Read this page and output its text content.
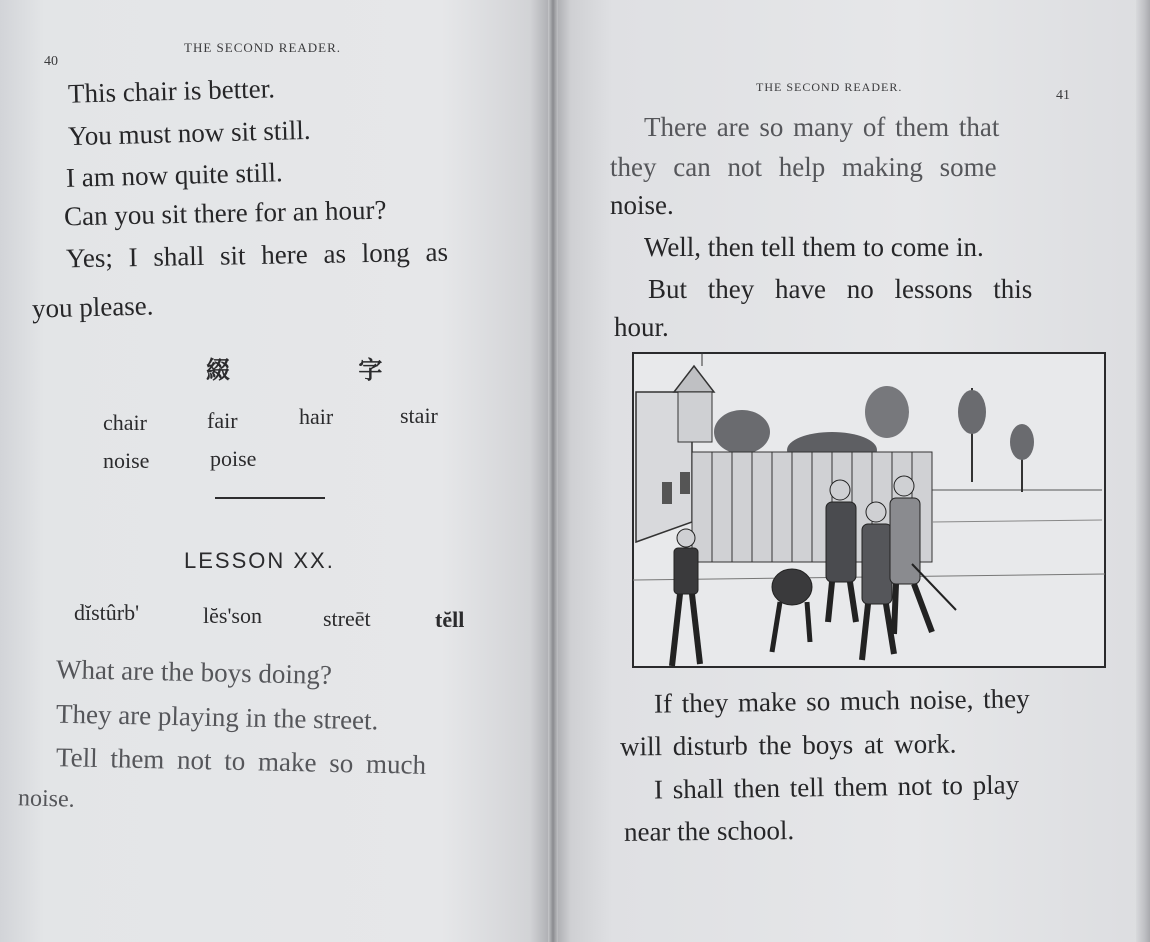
40
THE SECOND READER.
This chair is better.
You must now sit still.
I am now quite still.
Can you sit there for an hour?
Yes; I shall sit here as long as
you please.
綴 字
chair	fair	hair	stair
noise	poise
LESSON XX.
dĭstûrb'	lĕs'son	streēt	tĕll
What are the boys doing?
They are playing in the street.
Tell them not to make so much
noise.
THE SECOND READER.
41
There are so many of them that
they can not help making some
noise.
Well, then tell them to come in.
But they have no lessons this
hour.
If they make so much noise, they
will disturb the boys at work.
I shall then tell them not to play
near the school.
